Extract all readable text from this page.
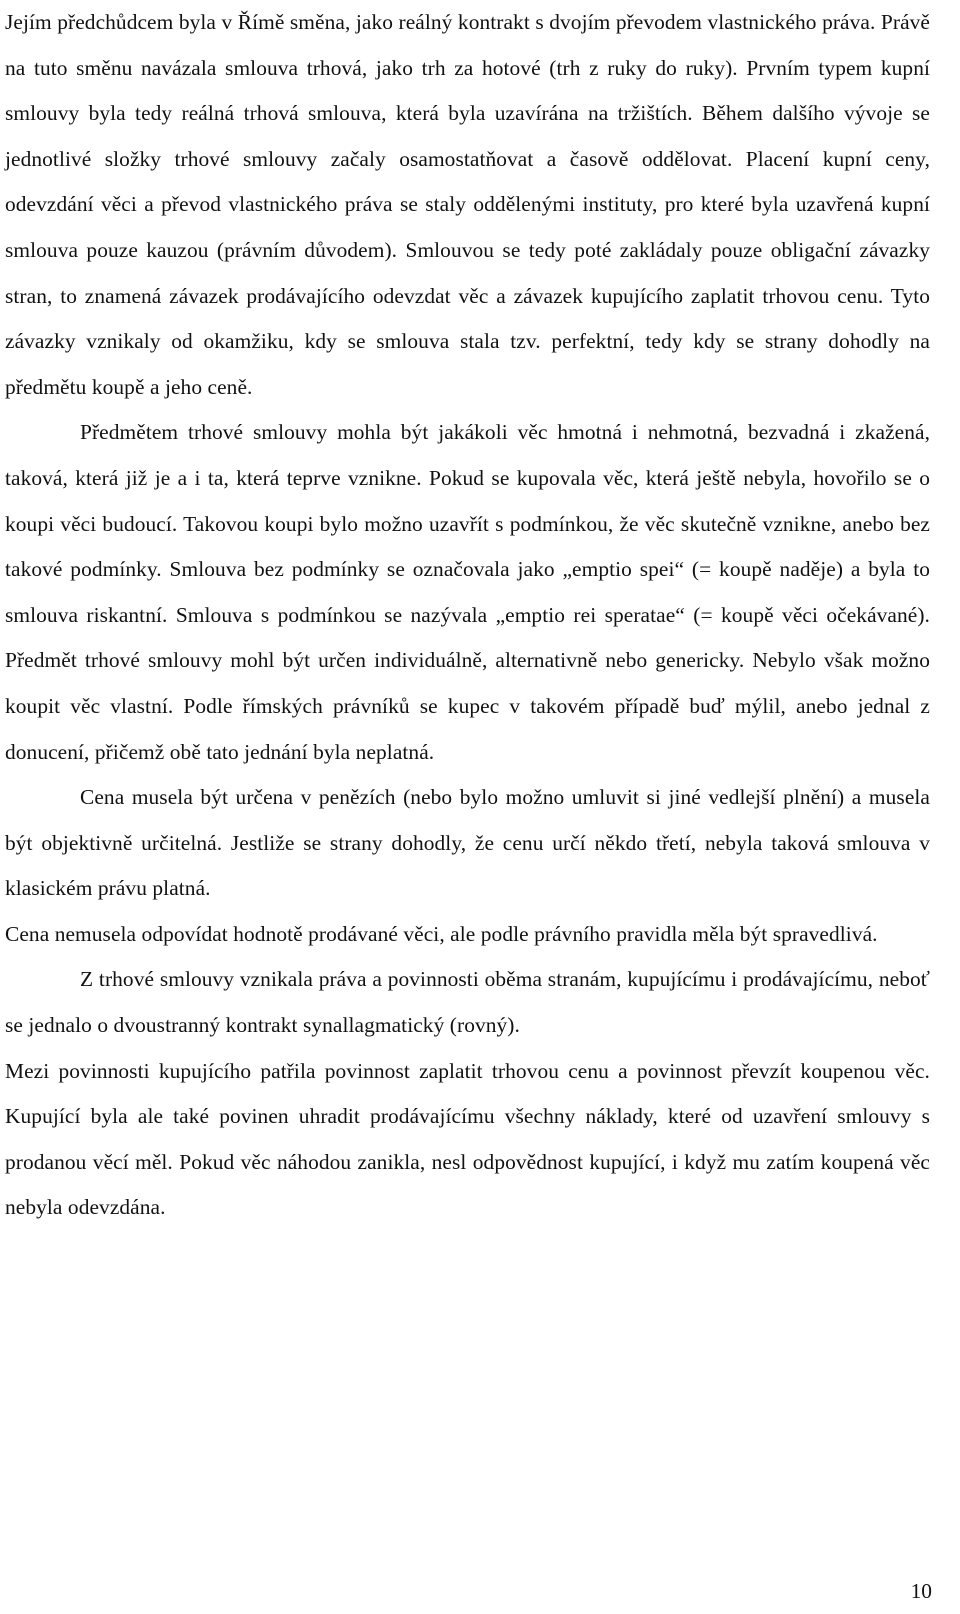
Jejím předchůdcem byla v Římě směna, jako reálný kontrakt s dvojím převodem vlastnického práva. Právě na tuto směnu navázala smlouva trhová, jako trh za hotové (trh z ruky do ruky). Prvním typem kupní smlouvy byla tedy reálná trhová smlouva, která byla uzavírána na tržištích. Během dalšího vývoje se jednotlivé složky trhové smlouvy začaly osamostatňovat a časově oddělovat. Placení kupní ceny, odevzdání věci a převod vlastnického práva se staly oddělenými instituty, pro které byla uzavřená kupní smlouva pouze kauzou (právním důvodem). Smlouvou se tedy poté zakládaly pouze obligační závazky stran, to znamená závazek prodávajícího odevzdat věc a závazek kupujícího zaplatit trhovou cenu. Tyto závazky vznikaly od okamžiku, kdy se smlouva stala tzv. perfektní, tedy kdy se strany dohodly na předmětu koupě a jeho ceně.

Předmětem trhové smlouvy mohla být jakákoli věc hmotná i nehmotná, bezvadná i zkažená, taková, která již je a i ta, která teprve vznikne. Pokud se kupovala věc, která ještě nebyla, hovořilo se o koupi věci budoucí. Takovou koupi bylo možno uzavřít s podmínkou, že věc skutečně vznikne, anebo bez takové podmínky. Smlouva bez podmínky se označovala jako „emptio spei“ (= koupě naděje) a byla to smlouva riskantní. Smlouva s podmínkou se nazývala „emptio rei speratae“ (= koupě věci očekávané). Předmět trhové smlouvy mohl být určen individuálně, alternativně nebo genericky. Nebylo však možno koupit věc vlastní. Podle římských právníků se kupec v takovém případě buď mýlil, anebo jednal z donucení, přičemž obě tato jednání byla neplatná.

Cena musela být určena v penězích (nebo bylo možno umluvit si jiné vedlejší plnění) a musela být objektivně určitelná. Jestliže se strany dohodly, že cenu určí někdo třetí, nebyla taková smlouva v klasickém právu platná.

Cena nemusela odpovídat hodnotě prodávané věci, ale podle právního pravidla měla být spravedlivá.

Z trhové smlouvy vznikala práva a povinnosti oběma stranám, kupujícímu i prodávajícímu, neboť se jednalo o dvoustranný kontrakt synallagmatický (rovný).

Mezi povinnosti kupujícího patřila povinnost zaplatit trhovou cenu a povinnost převzít koupenou věc. Kupující byla ale také povinen uhradit prodávajícímu všechny náklady, které od uzavření smlouvy s prodanou věcí měl. Pokud věc náhodou zanikla, nesl odpovědnost kupující, i když mu zatím koupená věc nebyla odevzdána.

10
